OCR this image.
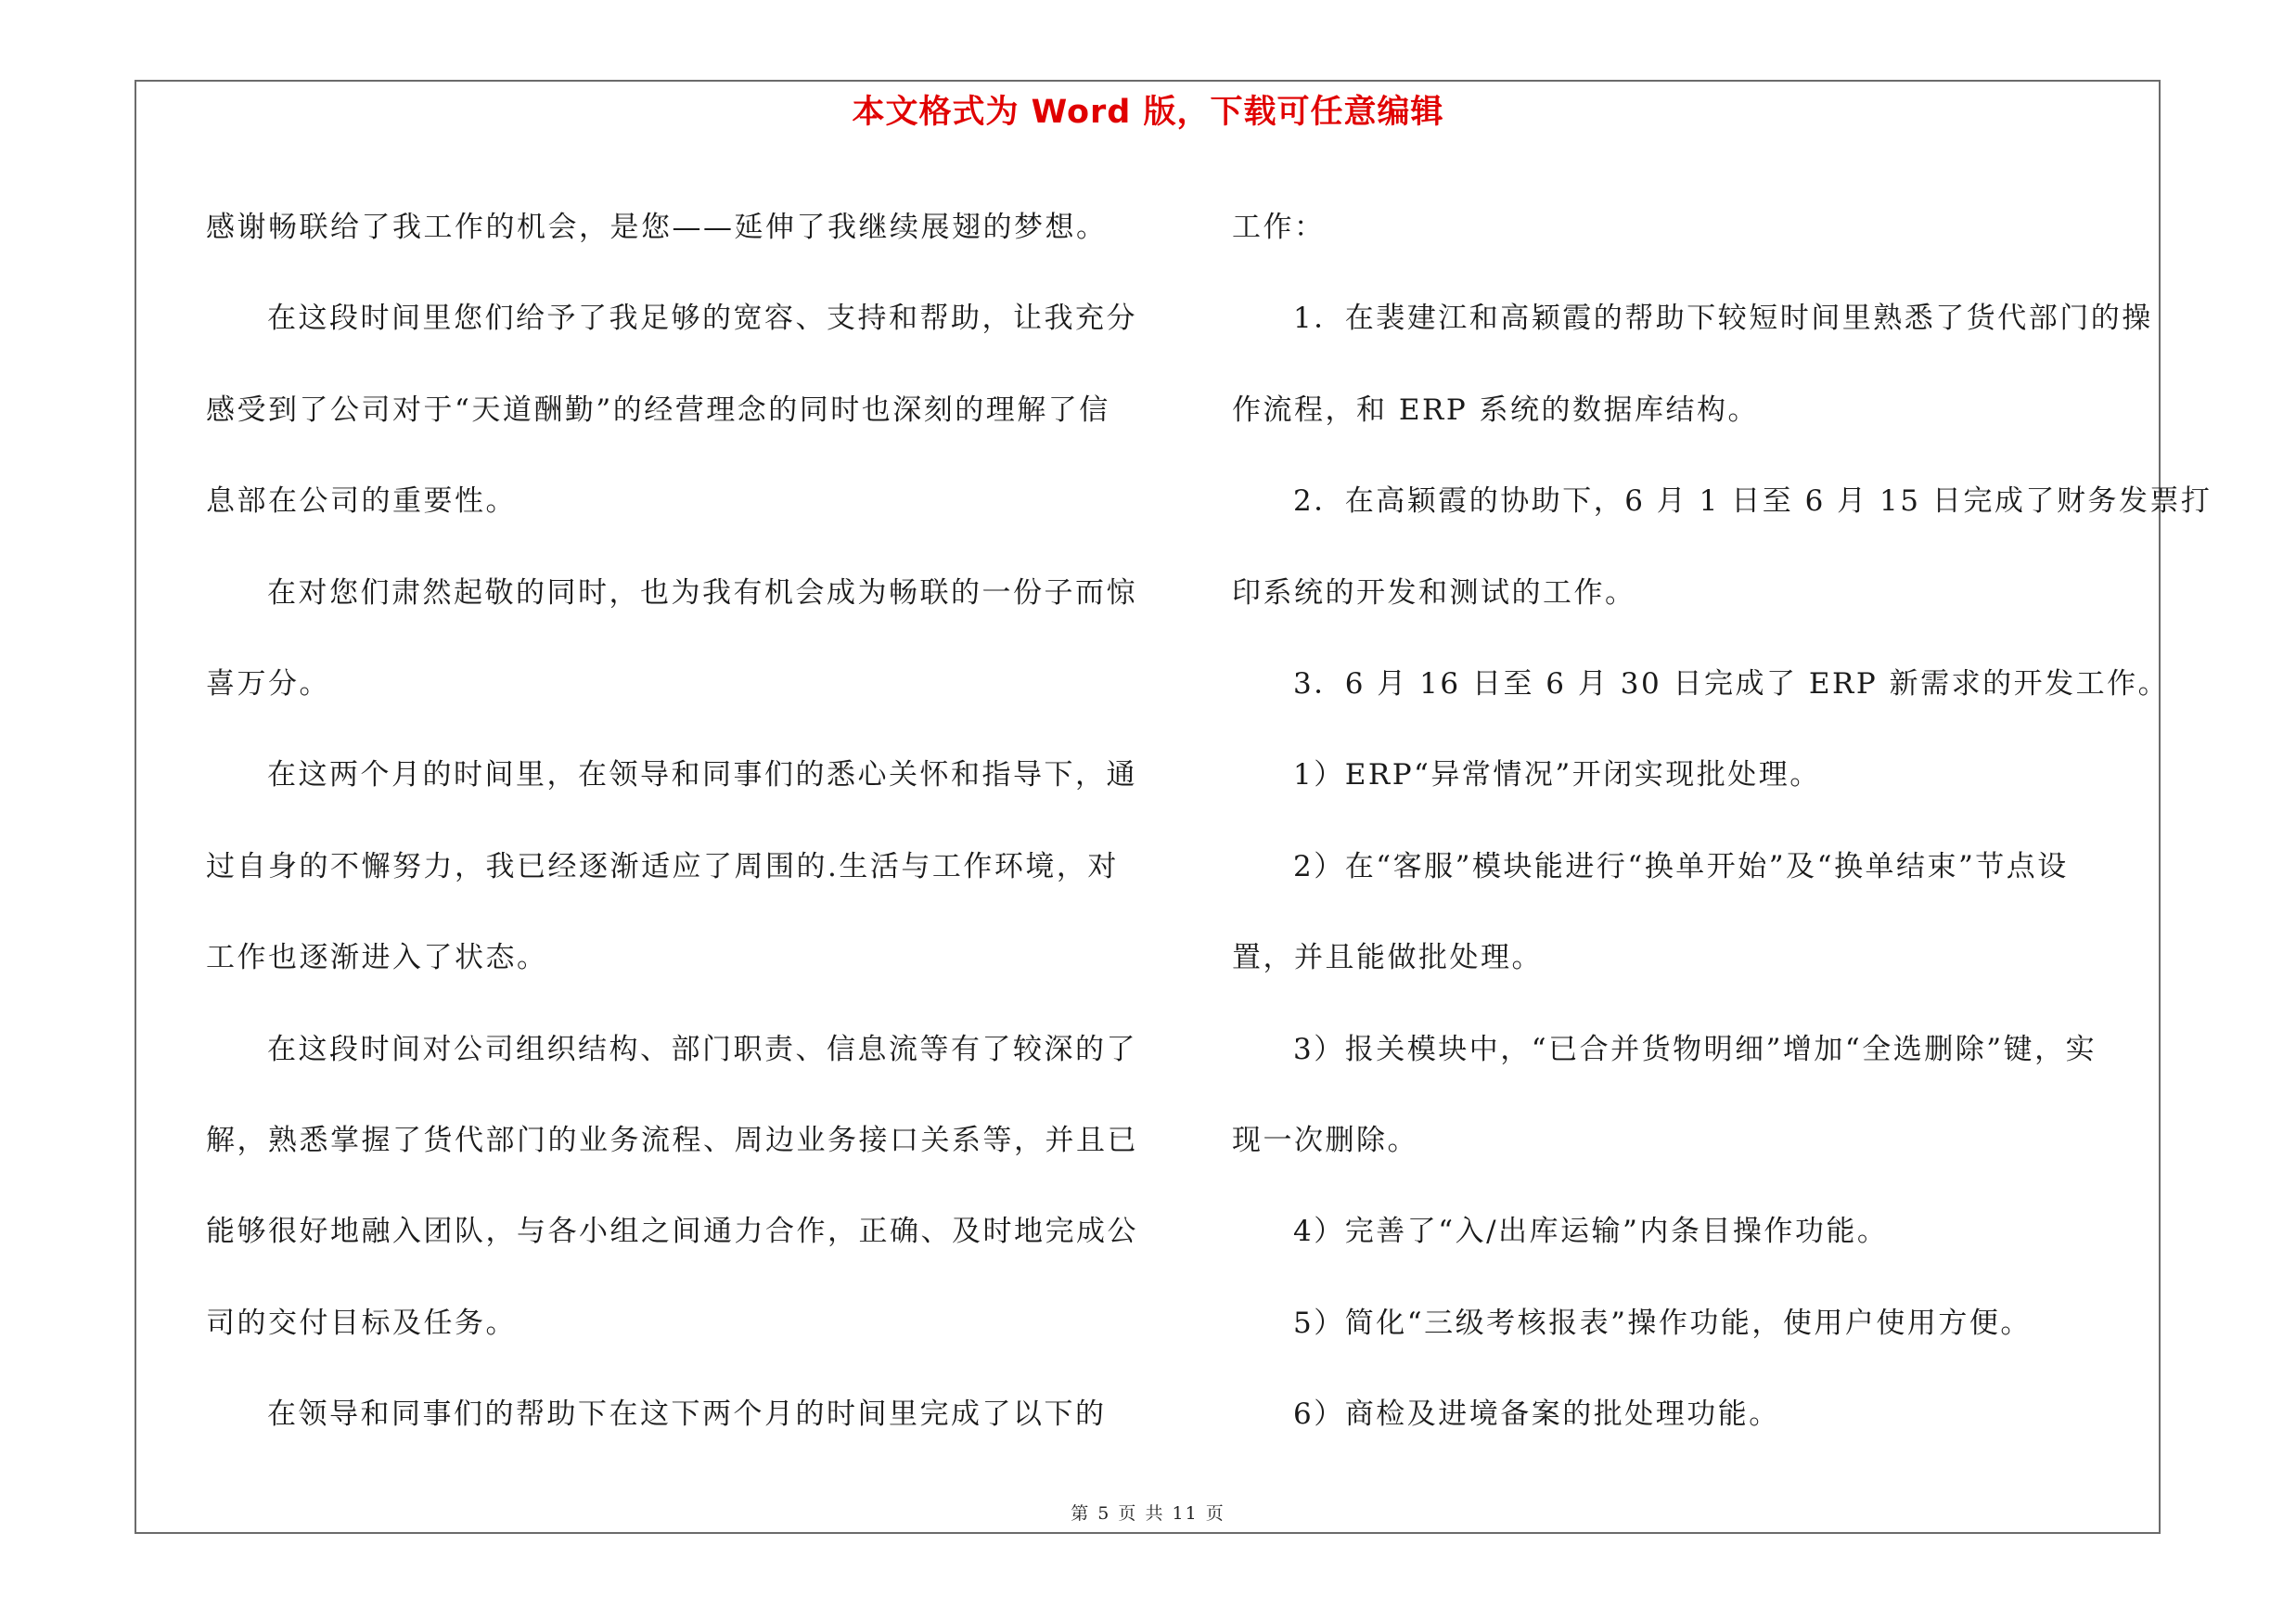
本文格式为 Word 版，下载可任意编辑
感谢畅联给了我工作的机会，是您——延伸了我继续展翅的梦想。
在这段时间里您们给予了我足够的宽容、支持和帮助，让我充分
感受到了公司对于“天道酬勤”的经营理念的同时也深刻的理解了信
息部在公司的重要性。
在对您们肃然起敬的同时，也为我有机会成为畅联的一份子而惊
喜万分。
在这两个月的时间里，在领导和同事们的悉心关怀和指导下，通
过自身的不懈努力，我已经逐渐适应了周围的.生活与工作环境，对
工作也逐渐进入了状态。
在这段时间对公司组织结构、部门职责、信息流等有了较深的了
解，熟悉掌握了货代部门的业务流程、周边业务接口关系等，并且已
能够很好地融入团队，与各小组之间通力合作，正确、及时地完成公
司的交付目标及任务。
在领导和同事们的帮助下在这下两个月的时间里完成了以下的
工作：
1．在裴建江和高颖霞的帮助下较短时间里熟悉了货代部门的操
作流程，和 ERP 系统的数据库结构。
2．在高颖霞的协助下，6 月 1 日至 6 月 15 日完成了财务发票打
印系统的开发和测试的工作。
3．6 月 16 日至 6 月 30 日完成了 ERP 新需求的开发工作。
1）ERP“异常情况”开闭实现批处理。
2）在“客服”模块能进行“换单开始”及“换单结束”节点设
置，并且能做批处理。
3）报关模块中，“已合并货物明细”增加“全选删除”键，实
现一次删除。
4）完善了“入/出库运输”内条目操作功能。
5）简化“三级考核报表”操作功能，使用户使用方便。
6）商检及进境备案的批处理功能。
第 5 页 共 11 页
